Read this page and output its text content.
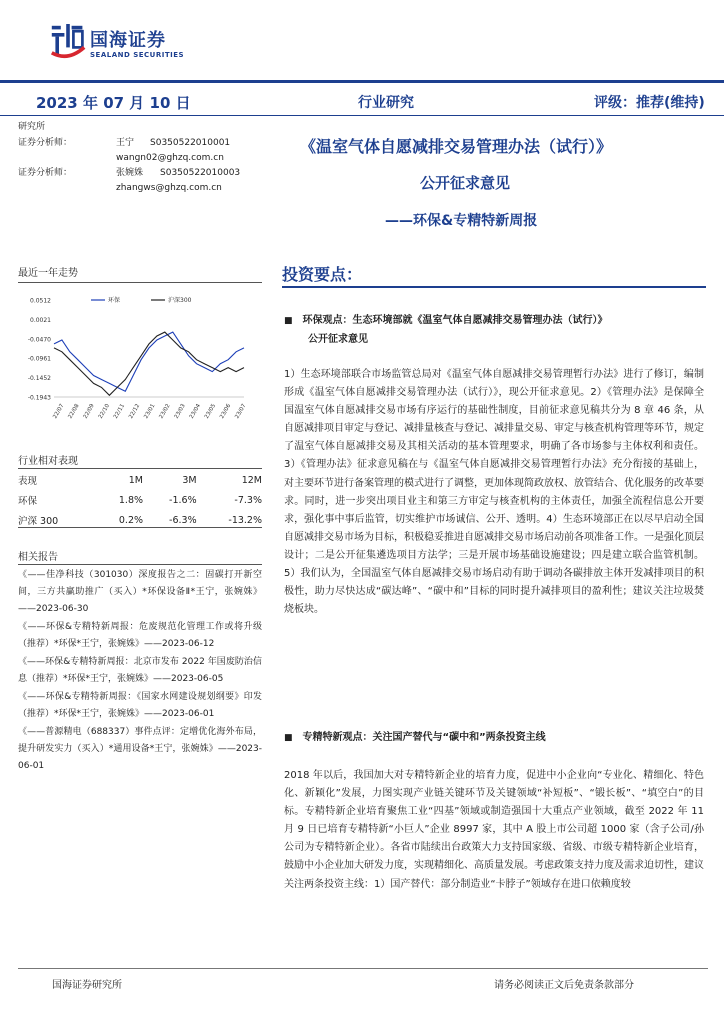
国海证券
SEALAND SECURITIES
2023 年 07 月 10 日	行业研究	评级：推荐(维持)
研究所
证券分析师：	王宁 S0350522010001
wangn02@ghzq.com.cn
证券分析师：	张婉姝 S0350522010003
zhangws@ghzq.com.cn
《温室气体自愿减排交易管理办法（试行）》
公开征求意见
——环保&专精特新周报
最近一年走势
0.0512
0.0021
-0.0470
-0.0961
-0.1452
-0.1943
22/07 22/08 22/09 22/10 22/11 22/12 23/01 23/02 23/03 23/04 23/05 23/06 23/07
环保	沪深300
行业相对表现
表现	1M	3M	12M
环保	1.8%	-1.6%	-7.3%
沪深 300	0.2%	-6.3%	-13.2%
相关报告

《——佳净科技（301030）深度报告之二：固碳打开新空间，三方共赢助推广（买入）*环保设备Ⅱ*王宁，张婉姝》——2023-06-30

《——环保&专精特新周报：危废规范化管理工作或将升级（推荐）*环保*王宁，张婉姝》——2023-06-12

《——环保&专精特新周报：北京市发布 2022 年国废防治信息（推荐）*环保*王宁，张婉姝》——2023-06-05

《——环保&专精特新周报：《国家水网建设规划纲要》印发（推荐）*环保*王宁，张婉姝》——2023-06-01

《——普源精电（688337）事件点评：定增优化海外布局，提升研发实力（买入）*通用设备*王宁，张婉姝》——2023-06-01

投资要点：
■ 环保观点：生态环境部就《温室气体自愿减排交易管理办法（试行）》
公开征求意见
1）生态环境部联合市场监管总局对《温室气体自愿减排交易管理暂行办法》进行了修订，编制形成《温室气体自愿减排交易管理办法（试行）》，现公开征求意见。2）《管理办法》是保障全国温室气体自愿减排交易市场有序运行的基础性制度，目前征求意见稿共分为 8 章 46 条，从自愿减排项目审定与登记、减排量核查与登记、减排量交易、审定与核查机构管理等环节，规定了温室气体自愿减排交易及其相关活动的基本管理要求，明确了各市场参与主体权利和责任。3）《管理办法》征求意见稿在与《温室气体自愿减排交易管理暂行办法》充分衔接的基础上，对主要环节进行备案管理的模式进行了调整，更加体现简政放权、放管结合、优化服务的改革要求。同时，进一步突出项目业主和第三方审定与核查机构的主体责任，加强全流程信息公开要求，强化事中事后监管，切实维护市场诚信、公开、透明。4）生态环境部正在以尽早启动全国自愿减排交易市场为目标，积极稳妥推进自愿减排交易市场启动前各项准备工作。一是强化顶层设计；二是公开征集遴选项目方法学；三是开展市场基础设施建设；四是建立联合监管机制。5）我们认为，全国温室气体自愿减排交易市场启动有助于调动各碳排放主体开发减排项目的积极性，助力尽快达成“碳达峰”、“碳中和”目标的同时提升减排项目的盈利性；建议关注垃圾焚烧板块。
■ 专精特新观点：关注国产替代与“碳中和”两条投资主线
2018 年以后，我国加大对专精特新企业的培育力度，促进中小企业向“专业化、精细化、特色化、新颖化”发展，力图实现产业链关键环节及关键领域“补短板”、“锻长板”、“填空白”的目标。专精特新企业培育聚焦工业“四基”领域或制造强国十大重点产业领域，截至 2022 年 11 月 9 日已培育专精特新“小巨人”企业 8997 家，其中 A 股上市公司超 1000 家（含子公司/孙公司为专精特新企业）。各省市陆续出台政策大力支持国家级、省级、市级专精特新企业培育，鼓励中小企业加大研发力度，实现精细化、高质量发展。考虑政策支持力度及需求迫切性，建议关注两条投资主线：1）国产替代：部分制造业“卡脖子”领域存在进口依赖度较
国海证券研究所	请务必阅读正文后免责条款部分
